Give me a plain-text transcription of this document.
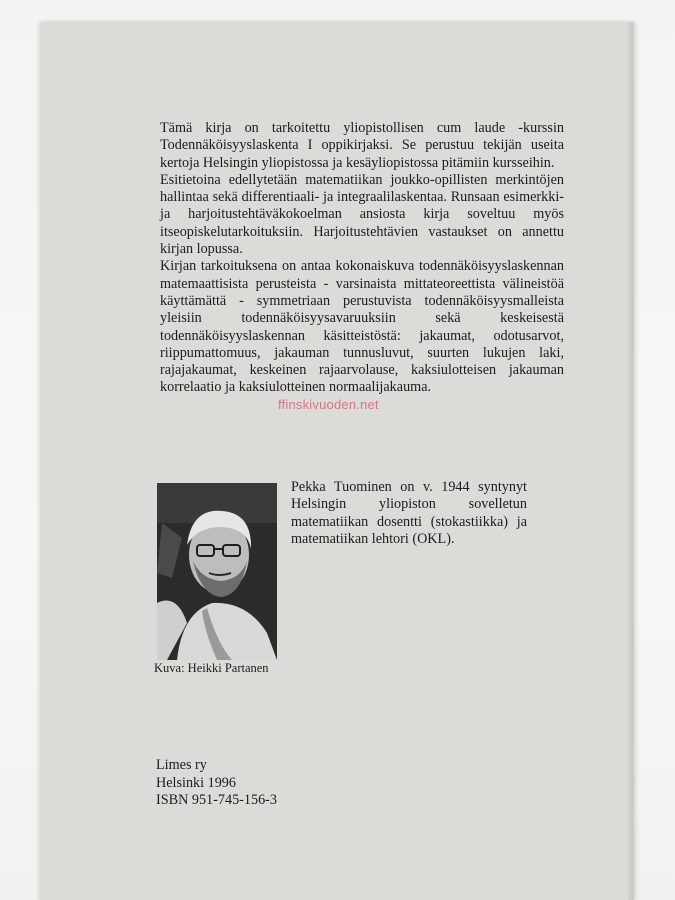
Tämä kirja on tarkoitettu yliopistollisen cum laude -kurssin Todennäköisyyslaskenta I oppikirjaksi. Se perustuu tekijän useita kertoja Helsingin yliopistossa ja kesäyliopistossa pitämiin kursseihin.

Esitietoina edellytetään matematiikan joukko-opillisten merkintöjen hallintaa sekä differentiaali- ja integraalilaskentaa. Runsaan esimerkki- ja harjoitustehtäväkokoelman ansiosta kirja soveltuu myös itseopiskelutarkoituksiin. Harjoitustehtävien vastaukset on annettu kirjan lopussa.

Kirjan tarkoituksena on antaa kokonaiskuva todennäköisyyslaskennan matemaattisista perusteista - varsinaista mittateoreettista välineistöä käyttämättä - symmetriaan perustuvista todennäköisyysmalleista yleisiin todennäköisyysavaruuksiin sekä keskeisestä todennäköisyyslaskennan käsitteistöstä: jakaumat, odotusarvot, riippumattomuus, jakauman tunnusluvut, suurten lukujen laki, rajajakaumat, keskeinen rajaarvolause, kaksiulotteisen jakauman korrelaatio ja kaksiulotteinen normaalijakauma.

Kuva: Heikki Partanen

Pekka Tuominen on v. 1944 syntynyt Helsingin yliopiston sovelletun matematiikan dosentti (stokastiikka) ja matematiikan lehtori (OKL).

Limes ry
Helsinki 1996
ISBN 951-745-156-3
ffinskivuoden.net
